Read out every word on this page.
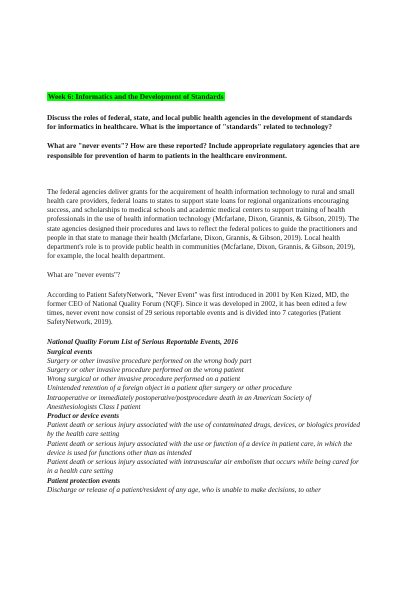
Week 6: Informatics and the Development of Standards

Discuss the roles of federal, state, and local public health agencies in the development of standards for informatics in healthcare. What is the importance of "standards" related to technology?

What are "never events"? How are these reported? Include appropriate regulatory agencies that are responsible for prevention of harm to patients in the healthcare environment.

The federal agencies deliver grants for the acquirement of health information technology to rural and small health care providers, federal loans to states to support state loans for regional organizations encouraging success, and scholarships to medical schools and academic medical centers to support training of health professionals in the use of health information technology (Mcfarlane, Dixon, Grannis, & Gibson, 2019). The state agencies designed their procedures and laws to reflect the federal polices to guide the practitioners and people in that state to manage their health (Mcfarlane, Dixon, Grannis, & Gibson, 2019). Local health department's role is to provide public health in communities (Mcfarlane, Dixon, Grannis, & Gibson, 2019), for example, the local health department.

What are "never events"?

According to Patient SafetyNetwork, "Never Event" was first introduced in 2001 by Ken Kized, MD, the former CEO of National Quality Forum (NQF). Since it was developed in 2002, it has been edited a few times, never event now consist of 29 serious reportable events and is divided into 7 categories (Patient SafetyNetwork, 2019).

National Quality Forum List of Serious Reportable Events, 2016

Surgical events

Surgery or other invasive procedure performed on the wrong body part

Surgery or other invasive procedure performed on the wrong patient

Wrong surgical or other invasive procedure performed on a patient

Unintended retention of a foreign object in a patient after surgery or other procedure

Intraoperative or immediately postoperative/postprocedure death in an American Society of Anesthesiologists Class I patient

Product or device events

Patient death or serious injury associated with the use of contaminated drugs, devices, or biologics provided by the health care setting

Patient death or serious injury associated with the use or function of a device in patient care, in which the device is used for functions other than as intended

Patient death or serious injury associated with intravascular air embolism that occurs while being cared for in a health care setting

Patient protection events

Discharge or release of a patient/resident of any age, who is unable to make decisions, to other
